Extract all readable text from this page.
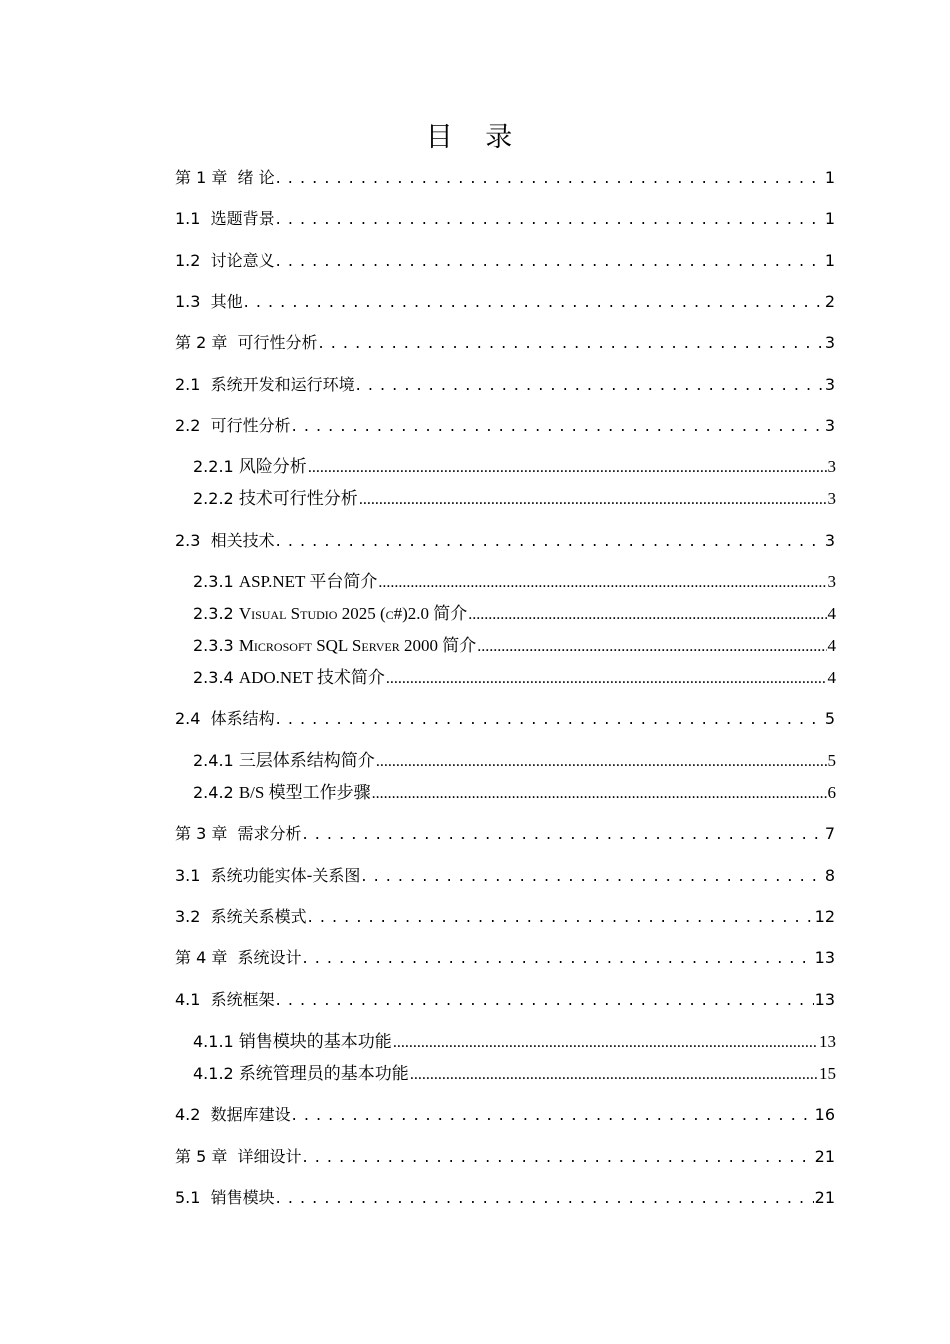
目 录
第 1 章 绪 论 . . .	1
1.1 选题背景 . . .	1
1.2 讨论意义 . . .	1
1.3 其他 . . .	2
第 2 章 可行性分析 . . .	3
2.1 系统开发和运行环境 . . .	3
2.2 可行性分析 . . .	3
2.2.1 风险分析 .....	3
2.2.2 技术可行性分析 .....	3
2.3 相关技术 . . .	3
2.3.1 ASP.NET 平台简介 .....	3
2.3.2 Visual Studio 2025 (c#)2.0 简介 .....	4
2.3.3 Microsoft SQL Server 2000 简介 .....	4
2.3.4 ADO.NET 技术简介 .....	4
2.4 体系结构 . . .	5
2.4.1 三层体系结构简介 .....	5
2.4.2 B/S 模型工作步骤 .....	6
第 3 章 需求分析 . . .	7
3.1 系统功能实体-关系图 . . .	8
3.2 系统关系模式 . . .	12
第 4 章 系统设计 . . .	13
4.1 系统框架 . . .	13
4.1.1 销售模块的基本功能 .....	13
4.1.2 系统管理员的基本功能 .....	15
4.2 数据库建设 . . .	16
第 5 章 详细设计 . . .	21
5.1 销售模块 . . .	21
